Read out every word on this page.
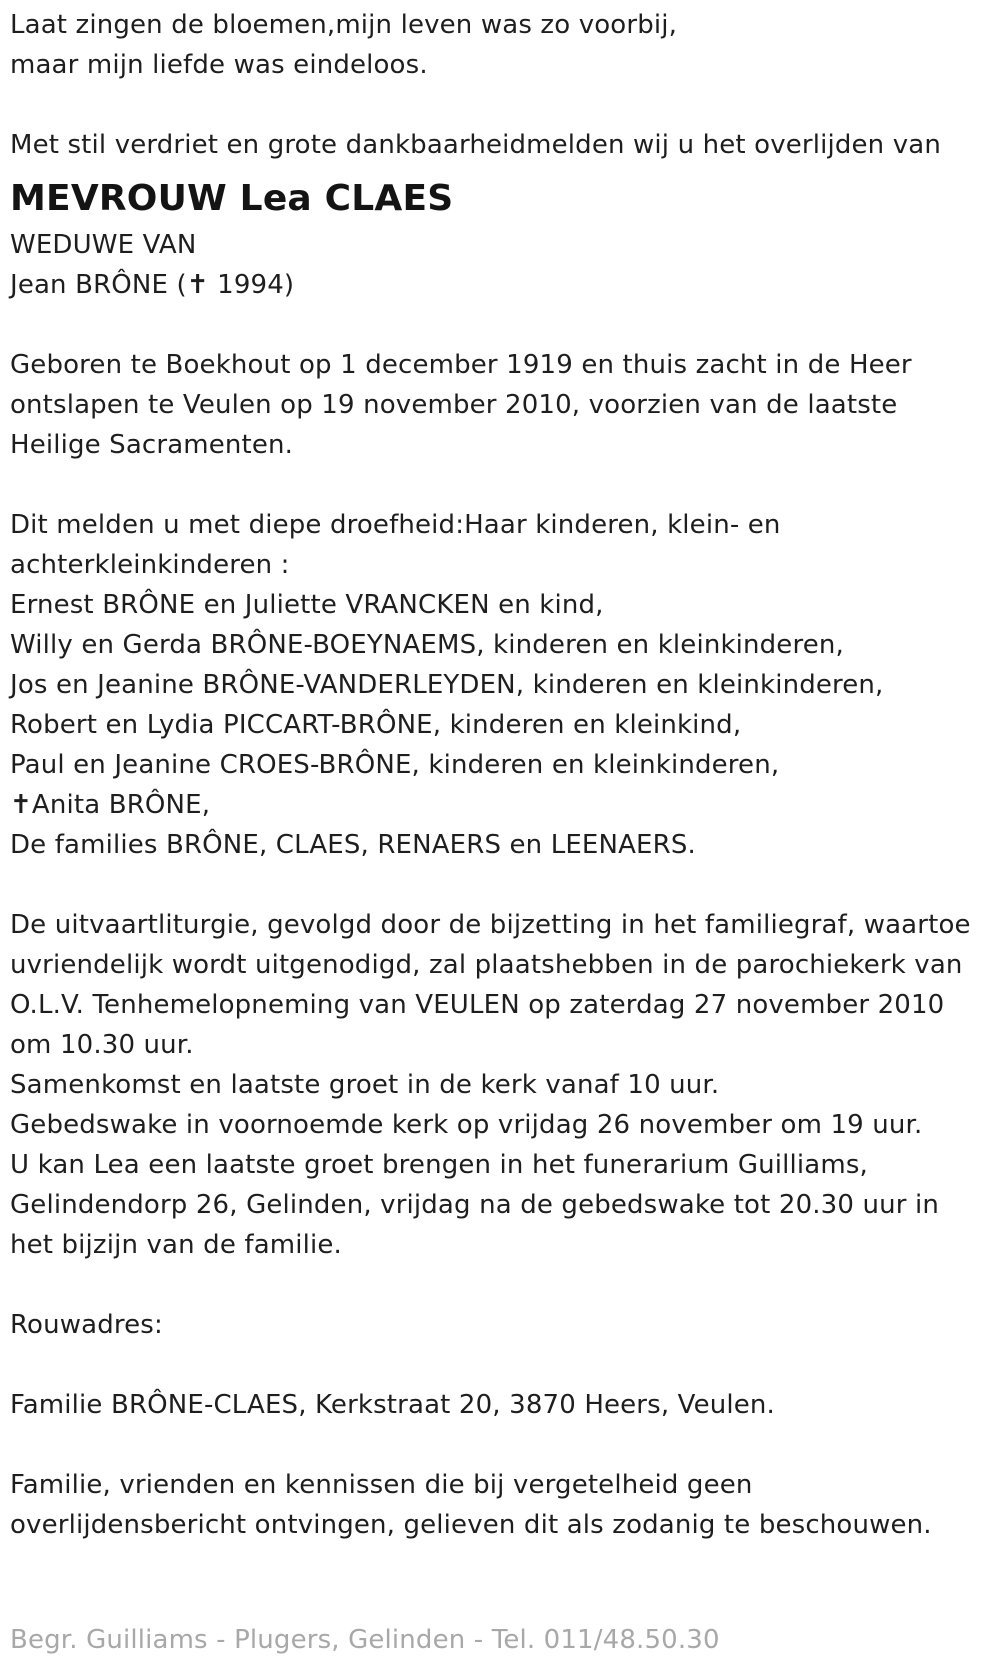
Laat zingen de bloemen,mijn leven was zo voorbij,
maar mijn liefde was eindeloos.
Met stil verdriet en grote dankbaarheidmelden wij u het overlijden van
MEVROUW Lea CLAES
WEDUWE VAN
Jean BRÔNE (✝ 1994)
Geboren te Boekhout op 1 december 1919 en thuis zacht in de Heer
ontslapen te Veulen op 19 november 2010, voorzien van de laatste
Heilige Sacramenten.
Dit melden u met diepe droefheid:Haar kinderen, klein- en
achterkleinkinderen :
Ernest BRÔNE en Juliette VRANCKEN en kind,
Willy en Gerda BRÔNE-BOEYNAEMS, kinderen en kleinkinderen,
Jos en Jeanine BRÔNE-VANDERLEYDEN, kinderen en kleinkinderen,
Robert en Lydia PICCART-BRÔNE, kinderen en kleinkind,
Paul en Jeanine CROES-BRÔNE, kinderen en kleinkinderen,
✝Anita BRÔNE,
De families BRÔNE, CLAES, RENAERS en LEENAERS.
De uitvaartliturgie, gevolgd door de bijzetting in het familiegraf, waartoe
uvriendelijk wordt uitgenodigd, zal plaatshebben in de parochiekerk van
O.L.V. Tenhemelopneming van VEULEN op zaterdag 27 november 2010
om 10.30 uur.
Samenkomst en laatste groet in de kerk vanaf 10 uur.
Gebedswake in voornoemde kerk op vrijdag 26 november om 19 uur.
U kan Lea een laatste groet brengen in het funerarium Guilliams,
Gelindendorp 26, Gelinden, vrijdag na de gebedswake tot 20.30 uur in
het bijzijn van de familie.
Rouwadres:
Familie BRÔNE-CLAES, Kerkstraat 20, 3870 Heers, Veulen.
Familie, vrienden en kennissen die bij vergetelheid geen
overlijdensbericht ontvingen, gelieven dit als zodanig te beschouwen.
Begr. Guilliams - Plugers, Gelinden - Tel. 011/48.50.30
